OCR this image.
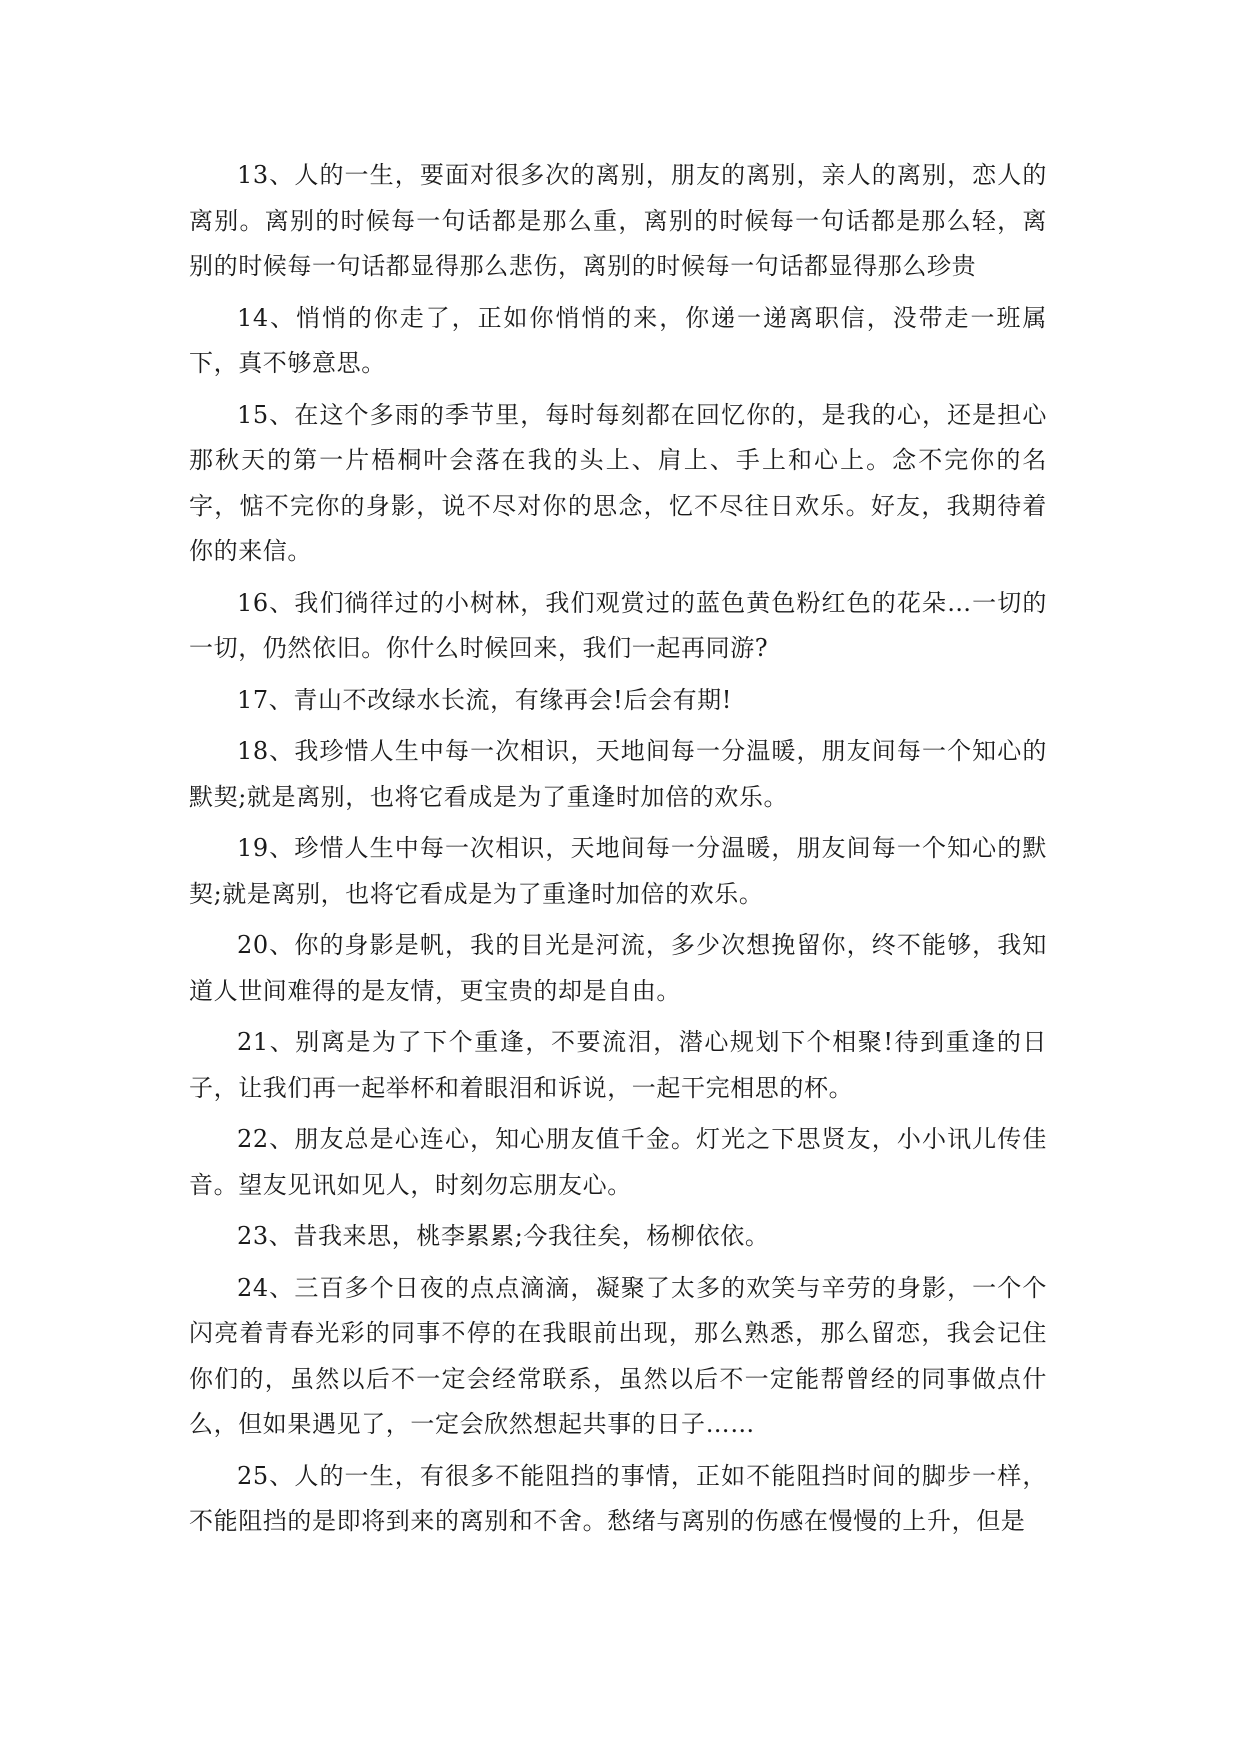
13、人的一生，要面对很多次的离别，朋友的离别，亲人的离别，恋人的离别。离别的时候每一句话都是那么重，离别的时候每一句话都是那么轻，离别的时候每一句话都显得那么悲伤，离别的时候每一句话都显得那么珍贵

14、悄悄的你走了，正如你悄悄的来，你递一递离职信，没带走一班属下，真不够意思。

15、在这个多雨的季节里，每时每刻都在回忆你的，是我的心，还是担心那秋天的第一片梧桐叶会落在我的头上、肩上、手上和心上。念不完你的名字，惦不完你的身影，说不尽对你的思念，忆不尽往日欢乐。好友，我期待着你的来信。

16、我们徜徉过的小树林，我们观赏过的蓝色黄色粉红色的花朵…一切的一切，仍然依旧。你什么时候回来，我们一起再同游?

17、青山不改绿水长流，有缘再会!后会有期!

18、我珍惜人生中每一次相识，天地间每一分温暖，朋友间每一个知心的默契;就是离别，也将它看成是为了重逢时加倍的欢乐。

19、珍惜人生中每一次相识，天地间每一分温暖，朋友间每一个知心的默契;就是离别，也将它看成是为了重逢时加倍的欢乐。

20、你的身影是帆，我的目光是河流，多少次想挽留你，终不能够，我知道人世间难得的是友情，更宝贵的却是自由。

21、别离是为了下个重逢，不要流泪，潜心规划下个相聚!待到重逢的日子，让我们再一起举杯和着眼泪和诉说，一起干完相思的杯。

22、朋友总是心连心，知心朋友值千金。灯光之下思贤友，小小讯儿传佳音。望友见讯如见人，时刻勿忘朋友心。

23、昔我来思，桃李累累;今我往矣，杨柳依依。

24、三百多个日夜的点点滴滴，凝聚了太多的欢笑与辛劳的身影，一个个闪亮着青春光彩的同事不停的在我眼前出现，那么熟悉，那么留恋，我会记住你们的，虽然以后不一定会经常联系，虽然以后不一定能帮曾经的同事做点什么，但如果遇见了，一定会欣然想起共事的日子……

25、人的一生，有很多不能阻挡的事情，正如不能阻挡时间的脚步一样，不能阻挡的是即将到来的离别和不舍。愁绪与离别的伤感在慢慢的上升，但是
